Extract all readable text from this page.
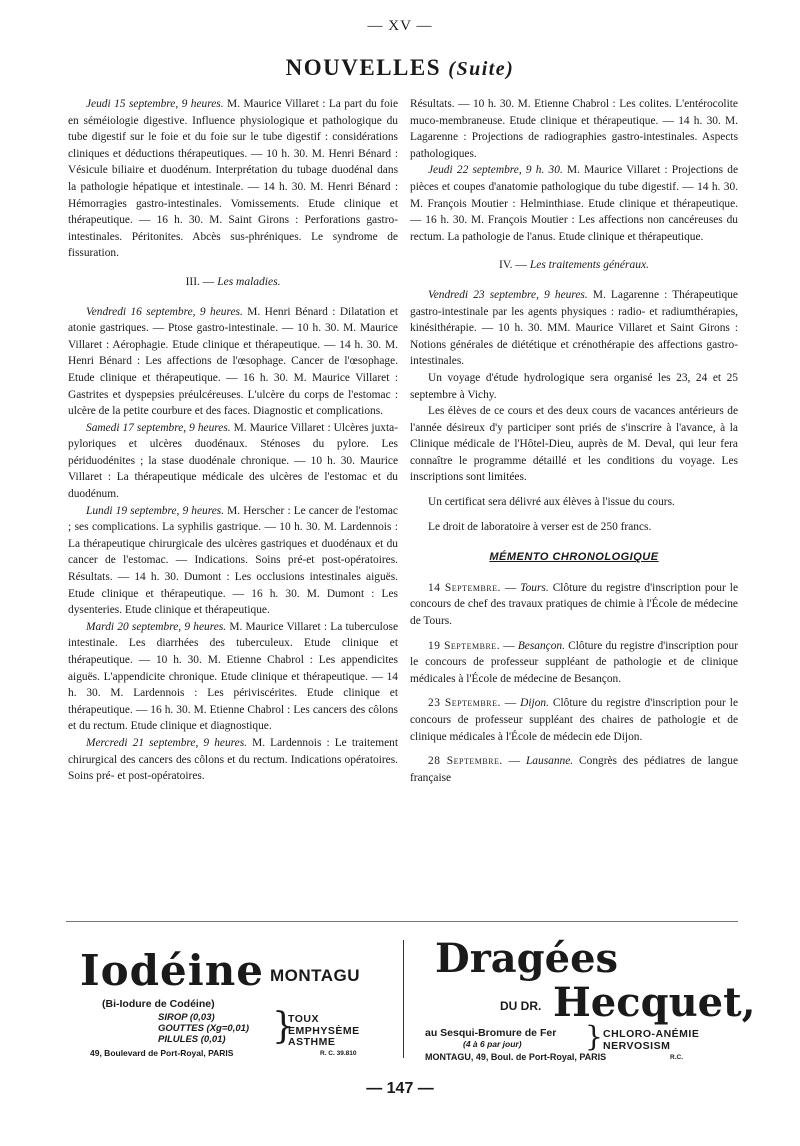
— XV —
NOUVELLES (Suite)

Jeudi 15 septembre, 9 heures. M. Maurice Villaret : La part du foie en séméiologie digestive. Influence physiologique et pathologique du tube digestif sur le foie et du foie sur le tube digestif : considérations cliniques et déductions thérapeutiques. — 10 h. 30. M. Henri Bénard : Vésicule biliaire et duodénum. Interprétation du tubage duodénal dans la pathologie hépatique et intestinale. — 14 h. 30. M. Henri Bénard : Hémorragies gastro-intestinales. Vomissements. Etude clinique et thérapeutique. — 16 h. 30. M. Saint Girons : Perforations gastro-intestinales. Péritonites. Abcès sus-phréniques. Le syndrome de fissuration.

III. — Les maladies.

Vendredi 16 septembre, 9 heures. M. Henri Bénard : Dilatation et atonie gastriques. — Ptose gastro-intestinale. — 10 h. 30. M. Maurice Villaret : Aérophagie. Etude clinique et thérapeutique. — 14 h. 30. M. Henri Bénard : Les affections de l'œsophage. Cancer de l'œsophage. Etude clinique et thérapeutique. — 16 h. 30. M. Maurice Villaret : Gastrites et dyspepsies préulcéreuses. L'ulcère du corps de l'estomac : ulcère de la petite courbure et des faces. Diagnostic et complications.

Samedi 17 septembre, 9 heures. M. Maurice Villaret : Ulcères juxta-pyloriques et ulcères duodénaux. Sténoses du pylore. Les périduodénites ; la stase duodénale chronique. — 10 h. 30. Maurice Villaret : La thérapeutique médicale des ulcères de l'estomac et du duodénum.

Lundi 19 septembre, 9 heures. M. Herscher : Le cancer de l'estomac ; ses complications. La syphilis gastrique. — 10 h. 30. M. Lardennois : La thérapeutique chirurgicale des ulcères gastriques et duodénaux et du cancer de l'estomac. — Indications. Soins pré-et post-opératoires. Résultats. — 14 h. 30. Dumont : Les occlusions intestinales aiguës. Etude clinique et thérapeutique. — 16 h. 30. M. Dumont : Les dysenteries. Etude clinique et thérapeutique.

Mardi 20 septembre, 9 heures. M. Maurice Villaret : La tuberculose intestinale. Les diarrhées des tuberculeux. Etude clinique et thérapeutique. — 10 h. 30. M. Etienne Chabrol : Les appendicites aiguës. L'appendicite chronique. Etude clinique et thérapeutique. — 14 h. 30. M. Lardennois : Les périviscérites. Etude clinique et thérapeutique. — 16 h. 30. M. Etienne Chabrol : Les cancers des côlons et du rectum. Etude clinique et diagnostique.

Mercredi 21 septembre, 9 heures. M. Lardennois : Le traitement chirurgical des cancers des côlons et du rectum. Indications opératoires. Soins pré- et post-opératoires.

Résultats. — 10 h. 30. M. Etienne Chabrol : Les colites. L'entérocolite muco-membraneuse. Etude clinique et thérapeutique. — 14 h. 30. M. Lagarenne : Projections de radiographies gastro-intestinales. Aspects pathologiques.

Jeudi 22 septembre, 9 h. 30. M. Maurice Villaret : Projections de pièces et coupes d'anatomie pathologique du tube digestif. — 14 h. 30. M. François Moutier : Helminthiase. Etude clinique et thérapeutique. — 16 h. 30. M. François Moutier : Les affections non cancéreuses du rectum. La pathologie de l'anus. Etude clinique et thérapeutique.

IV. — Les traitements généraux.

Vendredi 23 septembre, 9 heures. M. Lagarenne : Thérapeutique gastro-intestinale par les agents physiques : radio- et radiumthérapies, kinésithérapie. — 10 h. 30. MM. Maurice Villaret et Saint Girons : Notions générales de diététique et crénothérapie des affections gastro-intestinales.

Un voyage d'étude hydrologique sera organisé les 23, 24 et 25 septembre à Vichy.

Les élèves de ce cours et des deux cours de vacances antérieurs de l'année désireux d'y participer sont priés de s'inscrire à l'avance, à la Clinique médicale de l'Hôtel-Dieu, auprès de M. Deval, qui leur fera connaître le programme détaillé et les conditions du voyage. Les inscriptions sont limitées.

Un certificat sera délivré aux élèves à l'issue du cours.

Le droit de laboratoire à verser est de 250 francs.

MÉMENTO CHRONOLOGIQUE

14 Septembre. — Tours. Clôture du registre d'inscription pour le concours de chef des travaux pratiques de chimie à l'École de médecine de Tours.

19 Septembre. — Besançon. Clôture du registre d'inscription pour le concours de professeur suppléant de pathologie et de clinique médicales à l'École de médecine de Besançon.

23 Septembre. — Dijon. Clôture du registre d'inscription pour le concours de professeur suppléant des chaires de pathologie et de clinique médicales à l'École de médecin ede Dijon.

28 Septembre. — Lausanne. Congrès des pédiatres de langue française

Iodéine MONTAGU
(Bi-Iodure de Codéine)
SIROP (0,03)
GOUTTES (Xg=0,01)
PILULES (0,01)	}
TOUX
EMPHYSÈME
ASTHME
49, Boulevard de Port-Royal, PARIS	R. C. 39.810
Dragées
DU DR. Hecquet,
au Sesqui-Bromure de Fer
(4 à 6 par jour) } CHLORO-ANÉMIE
NERVOSISM
MONTAGU, 49, Boul. de Port-Royal, PARIS	R.C.
— 147 —
